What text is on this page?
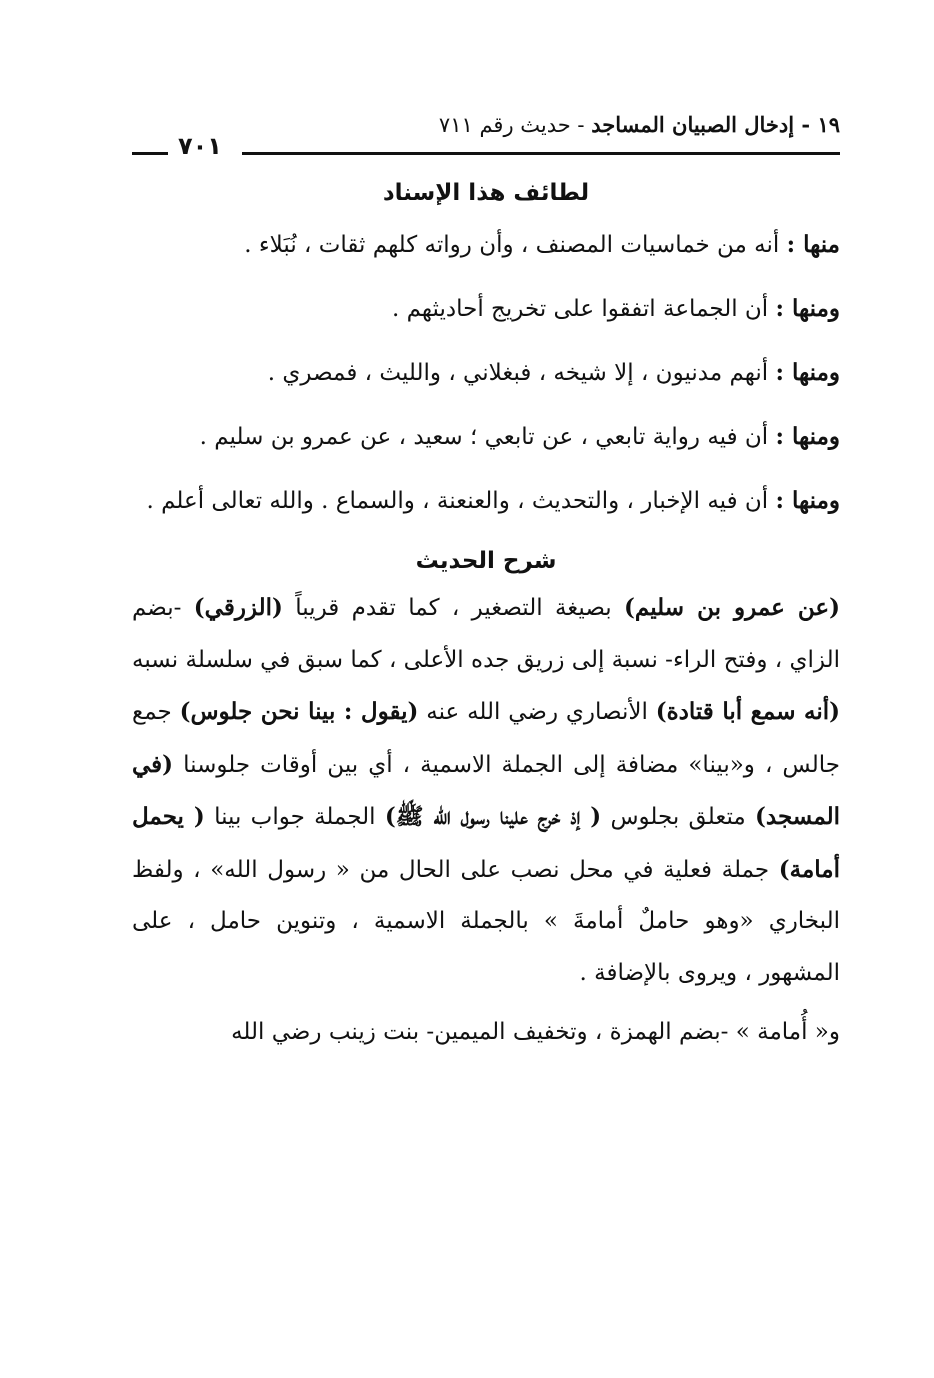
١٩ - إدخال الصبيان المساجد - حديث رقم ٧١١
٧٠١
لطائف هذا الإسناد

منها : أنه من خماسيات المصنف ، وأن رواته كلهم ثقات ، نُبَلاء .

ومنها : أن الجماعة اتفقوا على تخريج أحاديثهم .

ومنها : أنهم مدنيون ، إلا شيخه ، فبغلاني ، والليث ، فمصري .

ومنها : أن فيه رواية تابعي ، عن تابعي ؛ سعيد ، عن عمرو بن سليم .

ومنها : أن فيه الإخبار ، والتحديث ، والعنعنة ، والسماع . والله تعالى أعلم .

شرح الحديث

(عن عمرو بن سليم) بصيغة التصغير ، كما تقدم قريباً (الزرقي) -بضم الزاي ، وفتح الراء- نسبة إلى زريق جده الأعلى ، كما سبق في سلسلة نسبه (أنه سمع أبا قتادة) الأنصاري رضي الله عنه (يقول : بينا نحن جلوس) جمع جالس ، و«بينا» مضافة إلى الجملة الاسمية ، أي بين أوقات جلوسنا (في المسجد) متعلق بجلوس ( إذ خرج علينا رسول الله ﷺ) الجملة جواب بينا ( يحمل أمامة) جملة فعلية في محل نصب على الحال من « رسول الله» ، ولفظ البخاري «وهو حاملٌ أمامةَ » بالجملة الاسمية ، وتنوين حامل ، على المشهور ، ويروى بالإضافة .

و« أُمامة » -بضم الهمزة ، وتخفيف الميمين- بنت زينب رضي الله
